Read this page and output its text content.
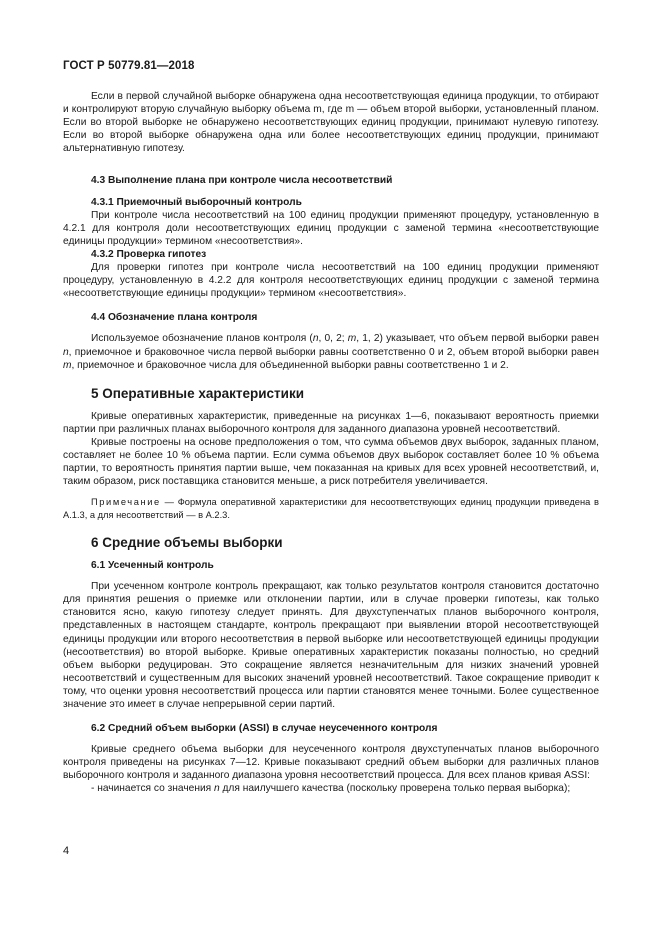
ГОСТ Р 50779.81—2018

Если в первой случайной выборке обнаружена одна несоответствующая единица продукции, то отбирают и контролируют вторую случайную выборку объема m, где m — объем второй выборки, установленный планом. Если во второй выборке не обнаружено несоответствующих единиц продукции, принимают нулевую гипотезу. Если во второй выборке обнаружена одна или более несоответствующих единиц продукции, принимают альтернативную гипотезу.

4.3 Выполнение плана при контроле числа несоответствий
4.3.1 Приемочный выборочный контроль

При контроле числа несоответствий на 100 единиц продукции применяют процедуру, установленную в 4.2.1 для контроля доли несоответствующих единиц продукции с заменой термина «несоответствующие единицы продукции» термином «несоответствия».

4.3.2 Проверка гипотез

Для проверки гипотез при контроле числа несоответствий на 100 единиц продукции применяют процедуру, установленную в 4.2.2 для контроля несоответствующих единиц продукции с заменой термина «несоответствующие единицы продукции» термином «несоответствия».

4.4 Обозначение плана контроля

Используемое обозначение планов контроля (n, 0, 2; m, 1, 2) указывает, что объем первой выборки равен n, приемочное и браковочное числа первой выборки равны соответственно 0 и 2, объем второй выборки равен m, приемочное и браковочное числа для объединенной выборки равны соответственно 1 и 2.

5 Оперативные характеристики

Кривые оперативных характеристик, приведенные на рисунках 1—6, показывают вероятность приемки партии при различных планах выборочного контроля для заданного диапазона уровней несоответствий.

Кривые построены на основе предположения о том, что сумма объемов двух выборок, заданных планом, составляет не более 10 % объема партии. Если сумма объемов двух выборок составляет более 10 % объема партии, то вероятность принятия партии выше, чем показанная на кривых для всех уровней несоответствий, и, таким образом, риск поставщика становится меньше, а риск потребителя увеличивается.

Примечание — Формула оперативной характеристики для несоответствующих единиц продукции приведена в А.1.3, а для несоответствий — в А.2.3.

6 Средние объемы выборки
6.1 Усеченный контроль

При усеченном контроле контроль прекращают, как только результатов контроля становится достаточно для принятия решения о приемке или отклонении партии, или в случае проверки гипотезы, как только становится ясно, какую гипотезу следует принять. Для двухступенчатых планов выборочного контроля, представленных в настоящем стандарте, контроль прекращают при выявлении второй несоответствующей единицы продукции или второго несоответствия в первой выборке или несоответствующей единицы продукции (несоответствия) во второй выборке. Кривые оперативных характеристик показаны полностью, но средний объем выборки редуцирован. Это сокращение является незначительным для низких значений уровней несоответствий и существенным для высоких значений уровней несоответствий. Такое сокращение приводит к тому, что оценки уровня несоответствий процесса или партии становятся менее точными. Более существенное значение это имеет в случае непрерывной серии партий.

6.2 Средний объем выборки (ASSI) в случае неусеченного контроля

Кривые среднего объема выборки для неусеченного контроля двухступенчатых планов выборочного контроля приведены на рисунках 7—12. Кривые показывают средний объем выборки для различных планов выборочного контроля и заданного диапазона уровня несоответствий процесса. Для всех планов кривая ASSI:

- начинается со значения n для наилучшего качества (поскольку проверена только первая выборка);

4
